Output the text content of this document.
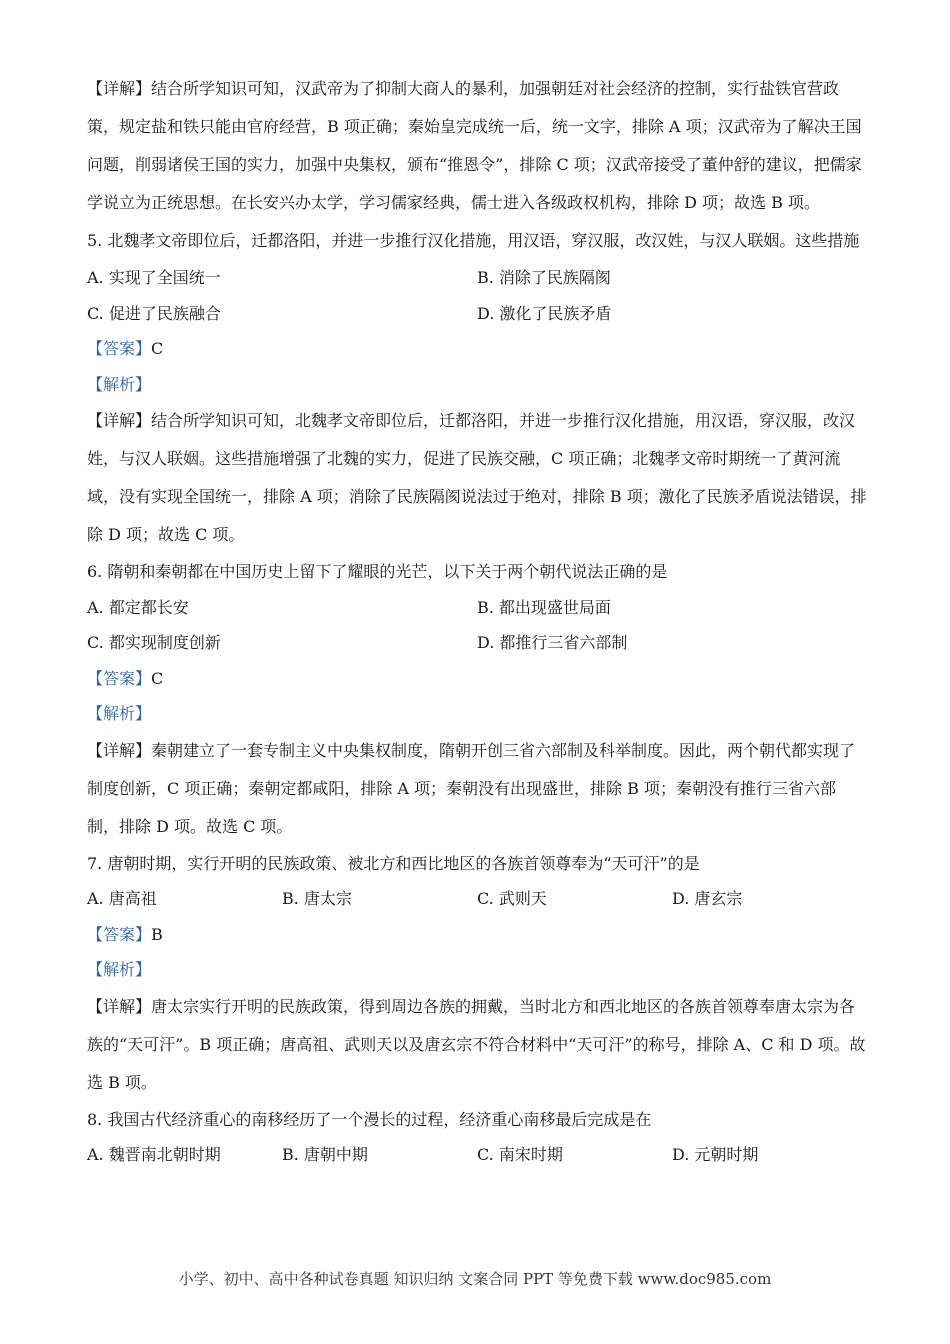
【详解】结合所学知识可知，汉武帝为了抑制大商人的暴利，加强朝廷对社会经济的控制，实行盐铁官营政策，规定盐和铁只能由官府经营，B 项正确；秦始皇完成统一后，统一文字，排除 A 项；汉武帝为了解决王国问题，削弱诸侯王国的实力，加强中央集权，颁布“推恩令”，排除 C 项；汉武帝接受了董仲舒的建议，把儒家学说立为正统思想。在长安兴办太学，学习儒家经典，儒士进入各级政权机构，排除 D 项；故选 B 项。

5. 北魏孝文帝即位后，迁都洛阳，并进一步推行汉化措施，用汉语，穿汉服，改汉姓，与汉人联姻。这些措施

A. 实现了全国统一	B. 消除了民族隔阂
C. 促进了民族融合	D. 激化了民族矛盾

【答案】C

【解析】

【详解】结合所学知识可知，北魏孝文帝即位后，迁都洛阳，并进一步推行汉化措施，用汉语，穿汉服，改汉姓，与汉人联姻。这些措施增强了北魏的实力，促进了民族交融，C 项正确；北魏孝文帝时期统一了黄河流域，没有实现全国统一，排除 A 项；消除了民族隔阂说法过于绝对，排除 B 项；激化了民族矛盾说法错误，排除 D 项；故选 C 项。

6. 隋朝和秦朝都在中国历史上留下了耀眼的光芒，以下关于两个朝代说法正确的是

A. 都定都长安	B. 都出现盛世局面
C. 都实现制度创新	D. 都推行三省六部制

【答案】C

【解析】

【详解】秦朝建立了一套专制主义中央集权制度，隋朝开创三省六部制及科举制度。因此，两个朝代都实现了制度创新，C 项正确；秦朝定都咸阳，排除 A 项；秦朝没有出现盛世，排除 B 项；秦朝没有推行三省六部制，排除 D 项。故选 C 项。

7. 唐朝时期，实行开明的民族政策、被北方和西比地区的各族首领尊奉为“天可汗”的是

A. 唐高祖	B. 唐太宗	C. 武则天	D. 唐玄宗

【答案】B

【解析】

【详解】唐太宗实行开明的民族政策，得到周边各族的拥戴，当时北方和西北地区的各族首领尊奉唐太宗为各族的“天可汗”。B 项正确；唐高祖、武则天以及唐玄宗不符合材料中“天可汗”的称号，排除 A、C 和 D 项。故选 B 项。

8. 我国古代经济重心的南移经历了一个漫长的过程，经济重心南移最后完成是在

A. 魏晋南北朝时期	B. 唐朝中期	C. 南宋时期	D. 元朝时期
小学、初中、高中各种试卷真题 知识归纳 文案合同 PPT 等免费下载 www.doc985.com
